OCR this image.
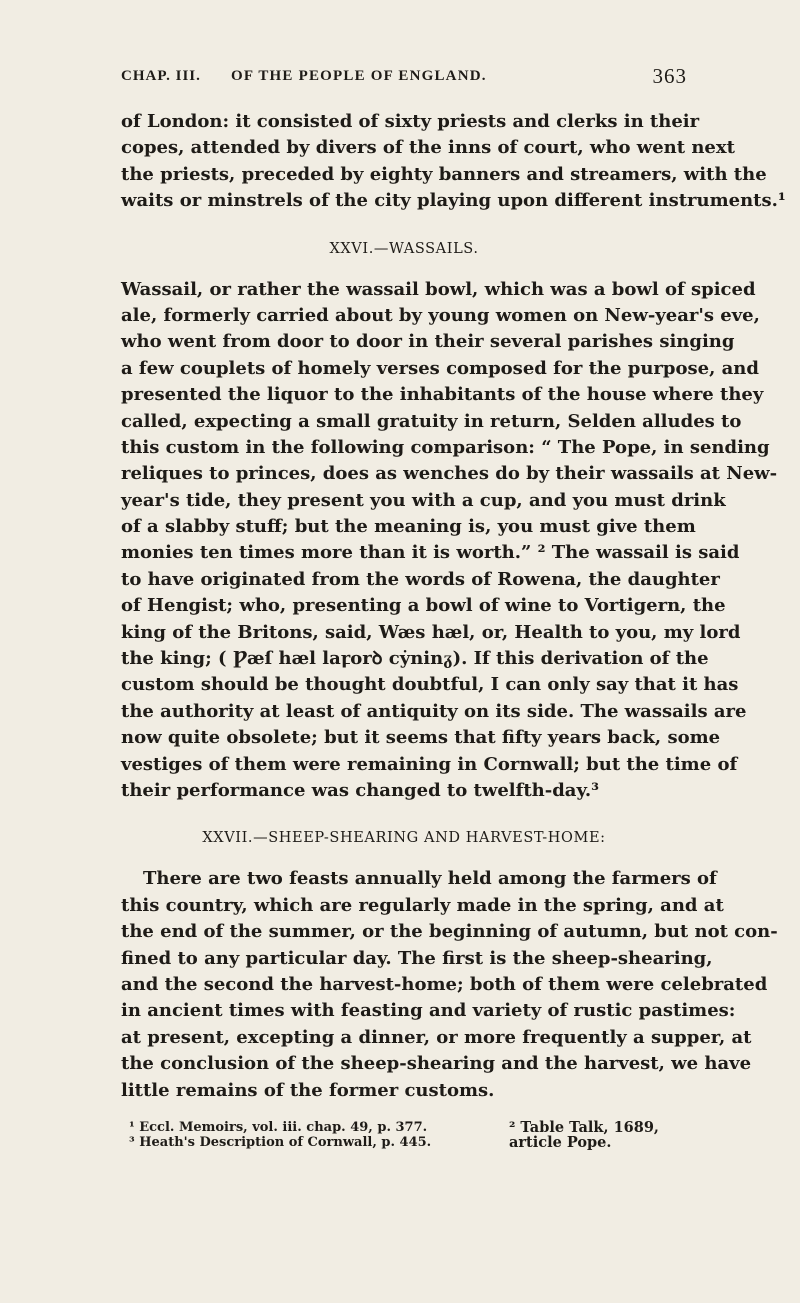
CHAP. III. OF THE PEOPLE OF ENGLAND.	363
of London: it consisted of sixty priests and clerks in their
copes, attended by divers of the inns of court, who went next
the priests, preceded by eighty banners and streamers, with the
waits or minstrels of the city playing upon different instruments.¹
XXVI.—WASSAILS.
Wassail, or rather the wassail bowl, which was a bowl of spiced
ale, formerly carried about by young women on New-year's eve,
who went from door to door in their several parishes singing
a few couplets of homely verses composed for the purpose, and
presented the liquor to the inhabitants of the house where they
called, expecting a small gratuity in return, Selden alludes to
this custom in the following comparison: “ The Pope, in sending
reliques to princes, does as wenches do by their wassails at New-
year's tide, they present you with a cup, and you must drink
of a slabby stuff; but the meaning is, you must give them
monies ten times more than it is worth.” ² The wassail is said
to have originated from the words of Rowena, the daughter
of Hengist; who, presenting a bowl of wine to Vortigern, the
king of the Britons, said, Wæs hæl, or, Health to you, my lord
the king; ( Ƿæſ hæl laꝼorꝺ cẏninᵹ). If this derivation of the
custom should be thought doubtful, I can only say that it has
the authority at least of antiquity on its side. The wassails are
now quite obsolete; but it seems that fifty years back, some
vestiges of them were remaining in Cornwall; but the time of
their performance was changed to twelfth-day.³
XXVII.—SHEEP-SHEARING AND HARVEST-HOME:
There are two feasts annually held among the farmers of
this country, which are regularly made in the spring, and at
the end of the summer, or the beginning of autumn, but not con-
fined to any particular day. The first is the sheep-shearing,
and the second the harvest-home; both of them were celebrated
in ancient times with feasting and variety of rustic pastimes:
at present, excepting a dinner, or more frequently a supper, at
the conclusion of the sheep-shearing and the harvest, we have
little remains of the former customs.
¹ Eccl. Memoirs, vol. iii. chap. 49, p. 377.
³ Heath's Description of Cornwall, p. 445.
² Table Talk, 1689, article Pope.
